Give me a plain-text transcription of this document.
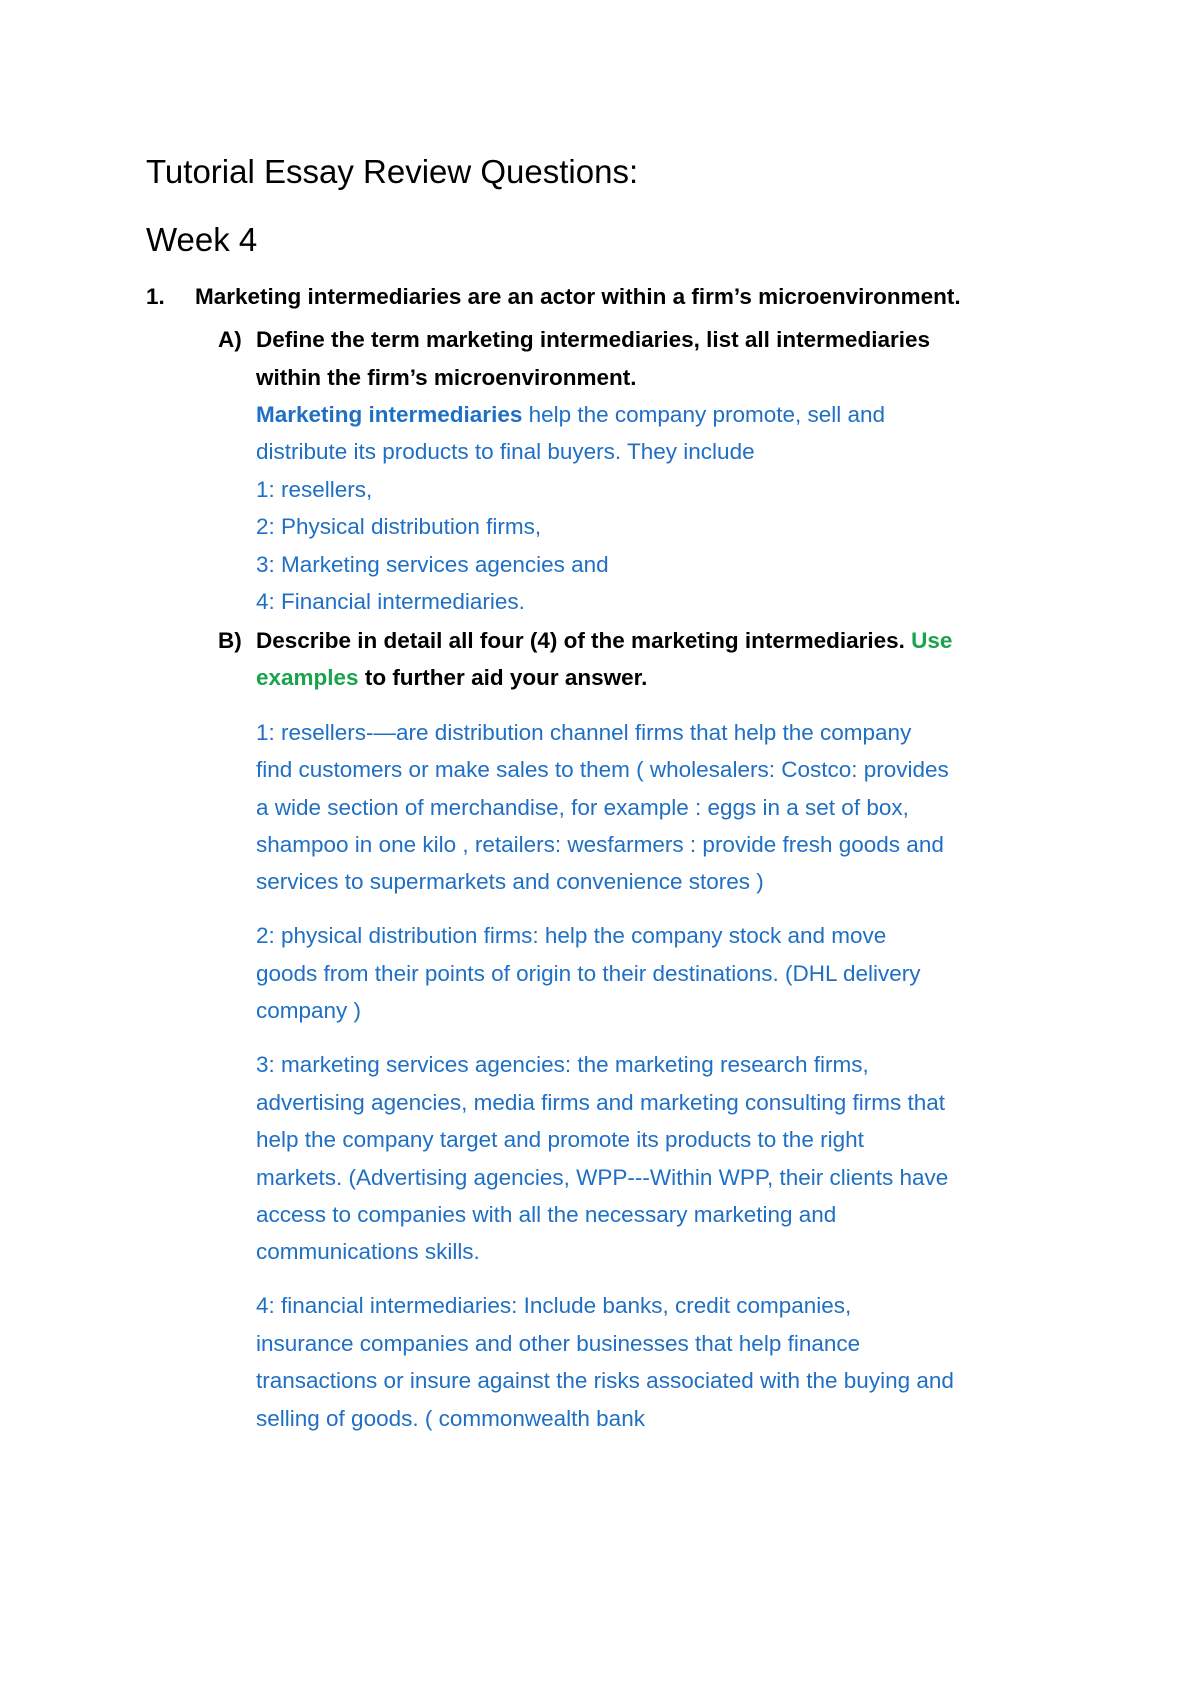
Tutorial Essay Review Questions:
Week 4
1. Marketing intermediaries are an actor within a firm’s microenvironment.
A) Define the term marketing intermediaries, list all intermediaries
within the firm’s microenvironment.
Marketing intermediaries help the company promote, sell and
distribute its products to final buyers. They include
1: resellers,
2: Physical distribution firms,
3: Marketing services agencies and
4: Financial intermediaries.
B) Describe in detail all four (4) of the marketing intermediaries. Use
examples to further aid your answer.
1: resellers-—are distribution channel firms that help the company
find customers or make sales to them ( wholesalers: Costco: provides
a wide section of merchandise, for example : eggs in a set of box,
shampoo in one kilo , retailers: wesfarmers : provide fresh goods and
services to supermarkets and convenience stores )
2: physical distribution firms: help the company stock and move
goods from their points of origin to their destinations. (DHL delivery
company )
3: marketing services agencies: the marketing research firms,
advertising agencies, media firms and marketing consulting firms that
help the company target and promote its products to the right
markets. (Advertising agencies, WPP---Within WPP, their clients have
access to companies with all the necessary marketing and
communications skills.
4: financial intermediaries: Include banks, credit companies,
insurance companies and other businesses that help finance
transactions or insure against the risks associated with the buying and
selling of goods. ( commonwealth bank
